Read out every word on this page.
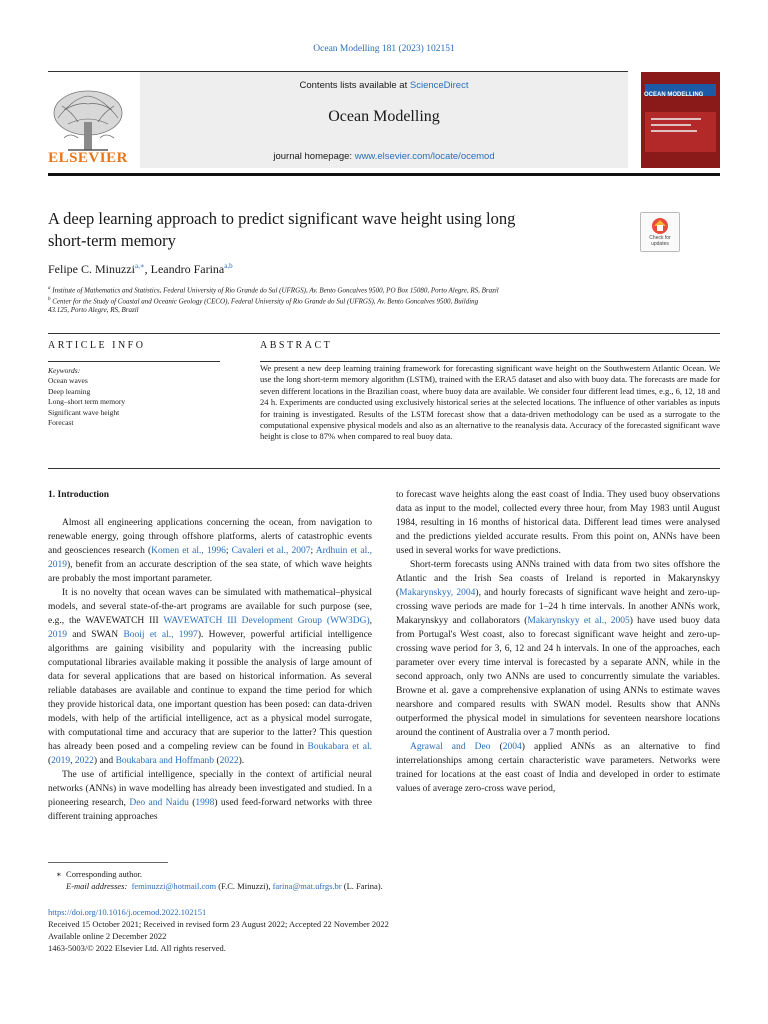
Ocean Modelling 181 (2023) 102151
Contents lists available at ScienceDirect
Ocean Modelling
journal homepage: www.elsevier.com/locate/ocemod
ELSEVIER
OCEAN MODELLING
A deep learning approach to predict significant wave height using long
short-term memory	Check for
updates
Felipe C. Minuzzi$^{a,∗}$, Leandro Farina$^{a,b}$
$^a$ Institute of Mathematics and Statistics, Federal University of Rio Grande do Sul (UFRGS), Av. Bento Goncalves 9500, PO Box 15080, Porto Alegre, RS, Brazil
$^b$ Center for the Study of Coastal and Oceanic Geology (CECO), Federal University of Rio Grande do Sul (UFRGS), Av. Bento Goncalves 9500, Building
43.125, Porto Alegre, RS, Brazil
ARTICLE INFO
Keywords:
Ocean waves
Deep learning
Long–short term memory
Significant wave height
Forecast
ABSTRACT
We present a new deep learning training framework for forecasting significant wave height on the Southwestern Atlantic Ocean. We use the long short-term memory algorithm (LSTM), trained with the ERA5 dataset and also with buoy data. The forecasts are made for seven different locations in the Brazilian coast, where buoy data are available. We consider four different lead times, e.g., 6, 12, 18 and 24 h. Experiments are conducted using exclusively historical series at the selected locations. The influence of other variables as inputs for training is investigated. Results of the LSTM forecast show that a data-driven methodology can be used as a surrogate to the computational expensive physical models and also as an alternative to the reanalysis data. Accuracy of the forecasted significant wave height is close to 87% when compared to real buoy data.
1. Introduction

Almost all engineering applications concerning the ocean, from navigation to renewable energy, going through offshore platforms, alerts of catastrophic events and geosciences research (Komen et al., 1996; Cavaleri et al., 2007; Ardhuin et al., 2019), benefit from an accurate description of the sea state, of which wave heights are probably the most important parameter.

It is no novelty that ocean waves can be simulated with mathematical–physical models, and several state-of-the-art programs are available for such purpose (see, e.g., the WAVEWATCH III WAVEWATCH III Development Group (WW3DG), 2019 and SWAN Booij et al., 1997). However, powerful artificial intelligence algorithms are gaining visibility and popularity with the increasing public computational libraries available making it possible the analysis of large amount of data for several applications that are based on historical information. As several reliable databases are available and continue to expand the time period for which they provide historical data, one important question has been posed: can data-driven models, with help of the artificial intelligence, act as a physical model surrogate, with computational time and accuracy that are superior to the latter? This question has already been posed and a compeling review can be found in Boukabara et al. (2019, 2022) and Boukabara and Hoffmanb (2022).

The use of artificial intelligence, specially in the context of artificial neural networks (ANNs) in wave modelling has already been investigated and studied. In a pioneering research, Deo and Naidu (1998) used feed-forward networks with three different training approaches

to forecast wave heights along the east coast of India. They used buoy observations data as input to the model, collected every three hour, from May 1983 until August 1984, resulting in 16 months of historical data. Different lead times were analysed and the predictions yielded accurate results. From this point on, ANNs have been used in several works for wave predictions.

Short-term forecasts using ANNs trained with data from two sites offshore the Atlantic and the Irish Sea coasts of Ireland is reported in Makarynskyy (Makarynskyy, 2004), and hourly forecasts of significant wave height and zero-up-crossing wave periods are made for 1–24 h time intervals. In another ANNs work, Makarynskyy and collaborators (Makarynskyy et al., 2005) have used buoy data from Portugal's West coast, also to forecast significant wave height and zero-up-crossing wave period for 3, 6, 12 and 24 h intervals. In one of the approaches, each parameter over every time interval is forecasted by a separate ANN, while in the second approach, only two ANNs are used to concurrently simulate the variables. Browne et al. gave a comprehensive explanation of using ANNs to estimate waves nearshore and compared results with SWAN model. Results show that ANNs outperformed the physical model in simulations for seventeen nearshore locations around the continent of Australia over a 7 month period.

Agrawal and Deo (2004) applied ANNs as an alternative to find interrelationships among certain characteristic wave parameters. Networks were trained for locations at the east coast of India and developed in order to estimate values of average zero-cross wave period,

∗ Corresponding author.
E-mail addresses: feminuzzi@hotmail.com (F.C. Minuzzi), farina@mat.ufrgs.br (L. Farina).
https://doi.org/10.1016/j.ocemod.2022.102151
Received 15 October 2021; Received in revised form 23 August 2022; Accepted 22 November 2022
Available online 2 December 2022
1463-5003/© 2022 Elsevier Ltd. All rights reserved.
